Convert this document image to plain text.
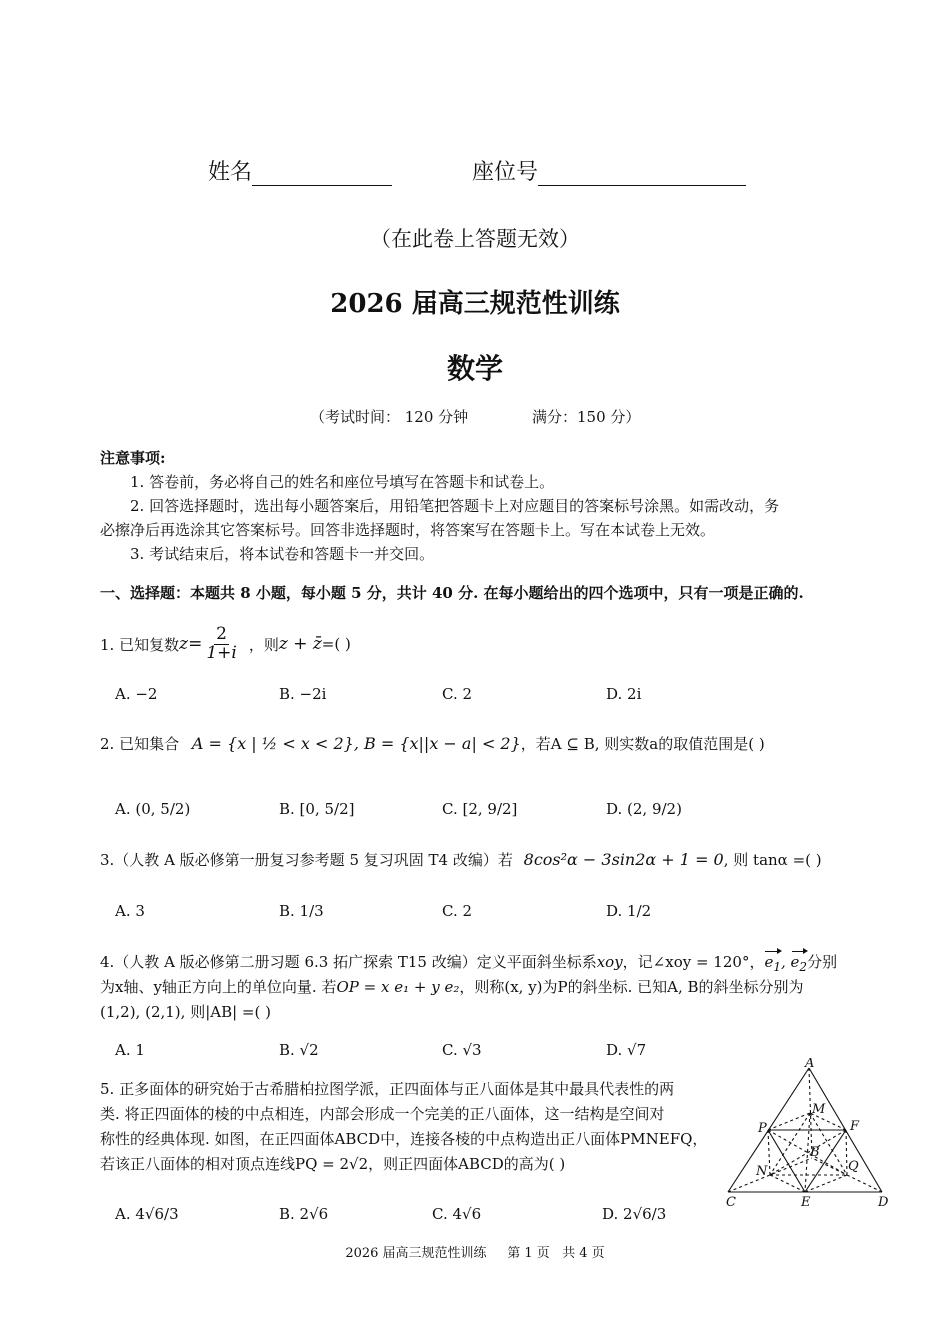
姓名	座位号
（在此卷上答题无效）
2026 届高三规范性训练
数学
（考试时间： 120 分钟	满分：150 分）
注意事项:
1. 答卷前，务必将自己的姓名和座位号填写在答题卡和试卷上。
2. 回答选择题时，选出每小题答案后，用铅笔把答题卡上对应题目的答案标号涂黑。如需改动，务
必擦净后再选涂其它答案标号。回答非选择题时，将答案写在答题卡上。写在本试卷上无效。
3. 考试结束后，将本试卷和答题卡一并交回。
一、选择题：本题共 8 小题，每小题 5 分，共计 40 分. 在每小题给出的四个选项中，只有一项是正确的.
1. 已知复数 $z = \frac{2}{1+i}$ ，则 z + z̄ =( )
A. −2	B. −2i	C. 2	D. 2i
2. 已知集合 A = {x | ½ < x < 2}, B = {x||x − a| < 2}，若A ⊆ B, 则实数a的取值范围是( )
A. (0, 5/2)	B. [0, 5/2]	C. [2, 9/2]	D. (2, 9/2)
3.（人教 A 版必修第一册复习参考题 5 复习巩固 T4 改编）若 8cos²α − 3sin2α + 1 = 0, 则 tanα =( )
A. 3	B. 1/3	C. 2	D. 1/2
4.（人教 A 版必修第二册习题 6.3 拓广探索 T15 改编）定义平面斜坐标系xoy，记∠xoy = 120°，$e_1$, $e_2$分别
为x轴、y轴正方向上的单位向量. 若OP = x e₁ + y e₂，则称(x, y)为P的斜坐标. 已知A, B的斜坐标分别为
(1,2), (2,1), 则|AB| =( )
A. 1	B. √2	C. √3	D. √7
5. 正多面体的研究始于古希腊柏拉图学派，正四面体与正八面体是其中最具代表性的两
类. 将正四面体的棱的中点相连，内部会形成一个完美的正八面体，这一结构是空间对
称性的经典体现. 如图，在正四面体ABCD中，连接各棱的中点构造出正八面体PMNEFQ，
若该正八面体的相对顶点连线PQ = 2√2，则正四面体ABCD的高为( )
A. 4√6/3	B. 2√6	C. 4√6	D. 2√6/3
A
M
P	F
B
N	Q
C	E	D
2026 届高三规范性训练     第 1 页   共 4 页
